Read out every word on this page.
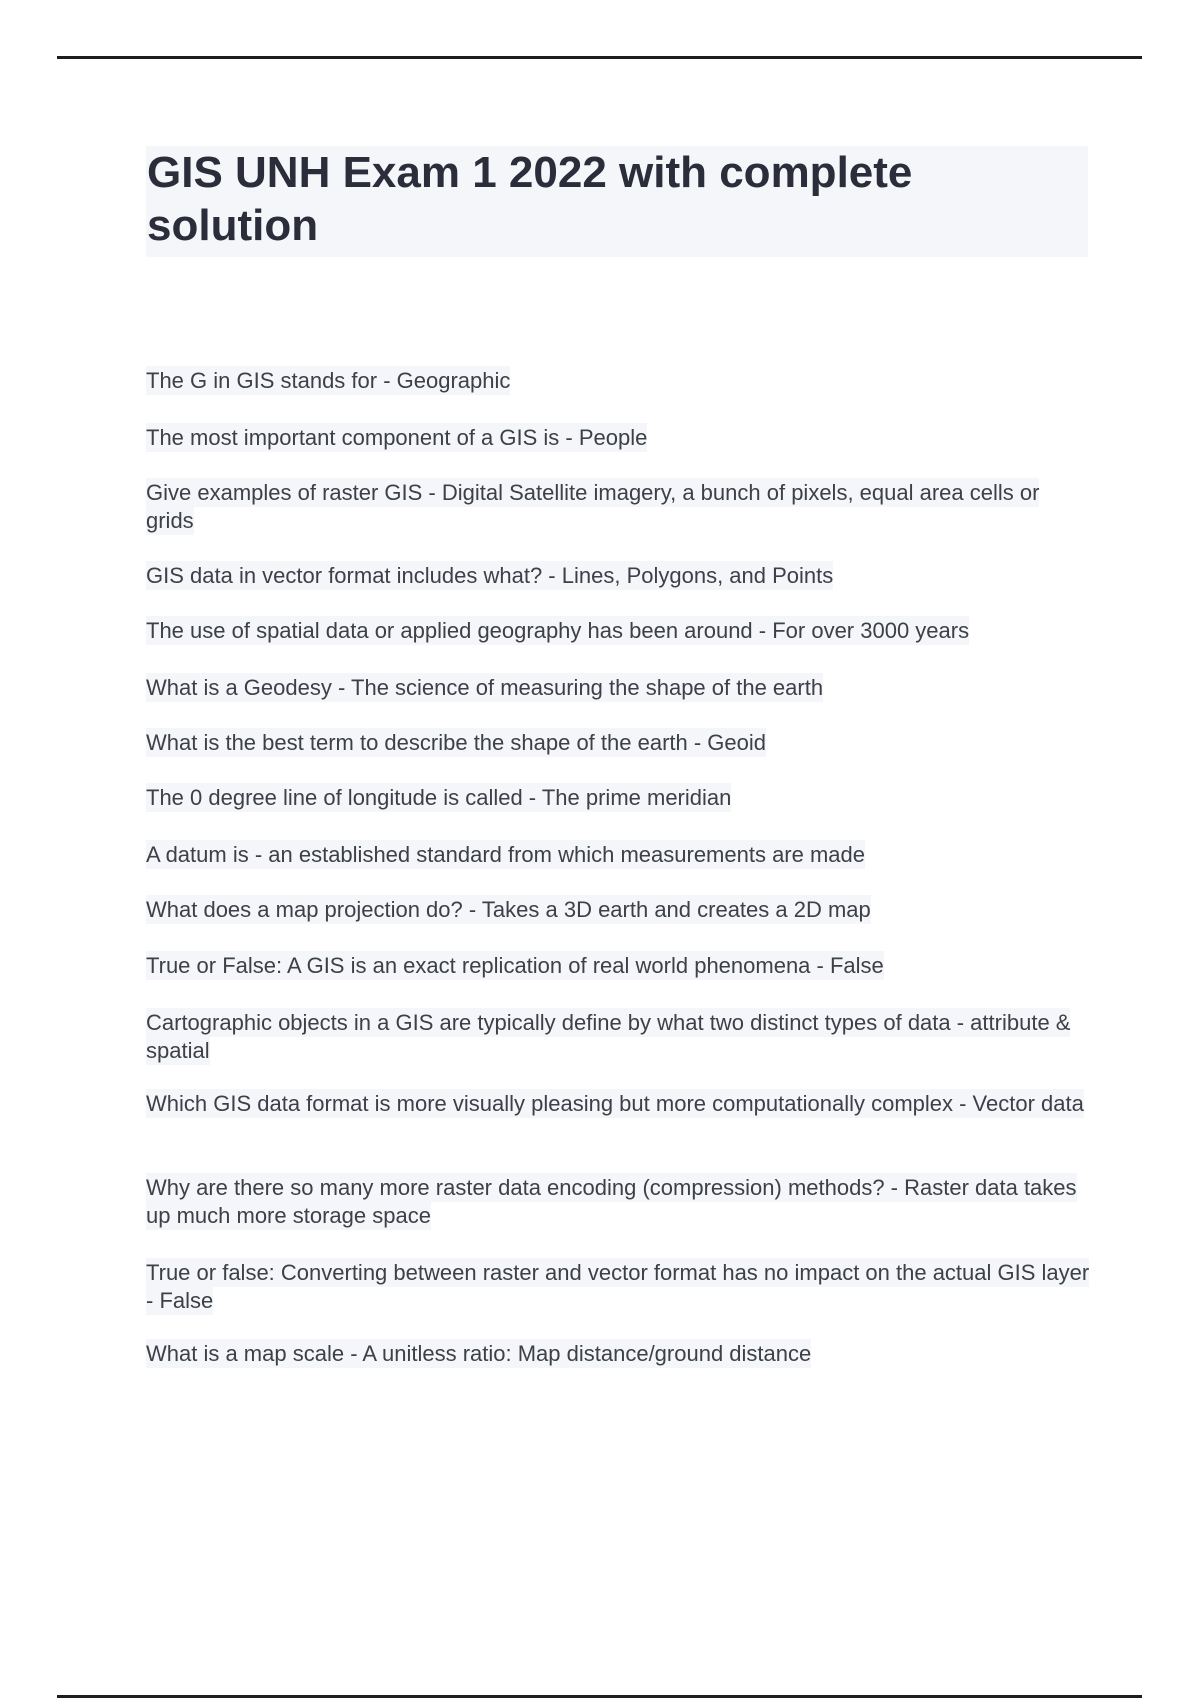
GIS UNH Exam 1 2022 with complete solution

The G in GIS stands for - Geographic

The most important component of a GIS is - People

Give examples of raster GIS - Digital Satellite imagery, a bunch of pixels, equal area cells or grids

GIS data in vector format includes what? - Lines, Polygons, and Points

The use of spatial data or applied geography has been around - For over 3000 years

What is a Geodesy - The science of measuring the shape of the earth

What is the best term to describe the shape of the earth - Geoid

The 0 degree line of longitude is called - The prime meridian

A datum is - an established standard from which measurements are made

What does a map projection do? - Takes a 3D earth and creates a 2D map

True or False: A GIS is an exact replication of real world phenomena - False

Cartographic objects in a GIS are typically define by what two distinct types of data - attribute & spatial

Which GIS data format is more visually pleasing but more computationally complex - Vector data

Why are there so many more raster data encoding (compression) methods? - Raster data takes up much more storage space

True or false: Converting between raster and vector format has no impact on the actual GIS layer - False

What is a map scale - A unitless ratio: Map distance/ground distance
